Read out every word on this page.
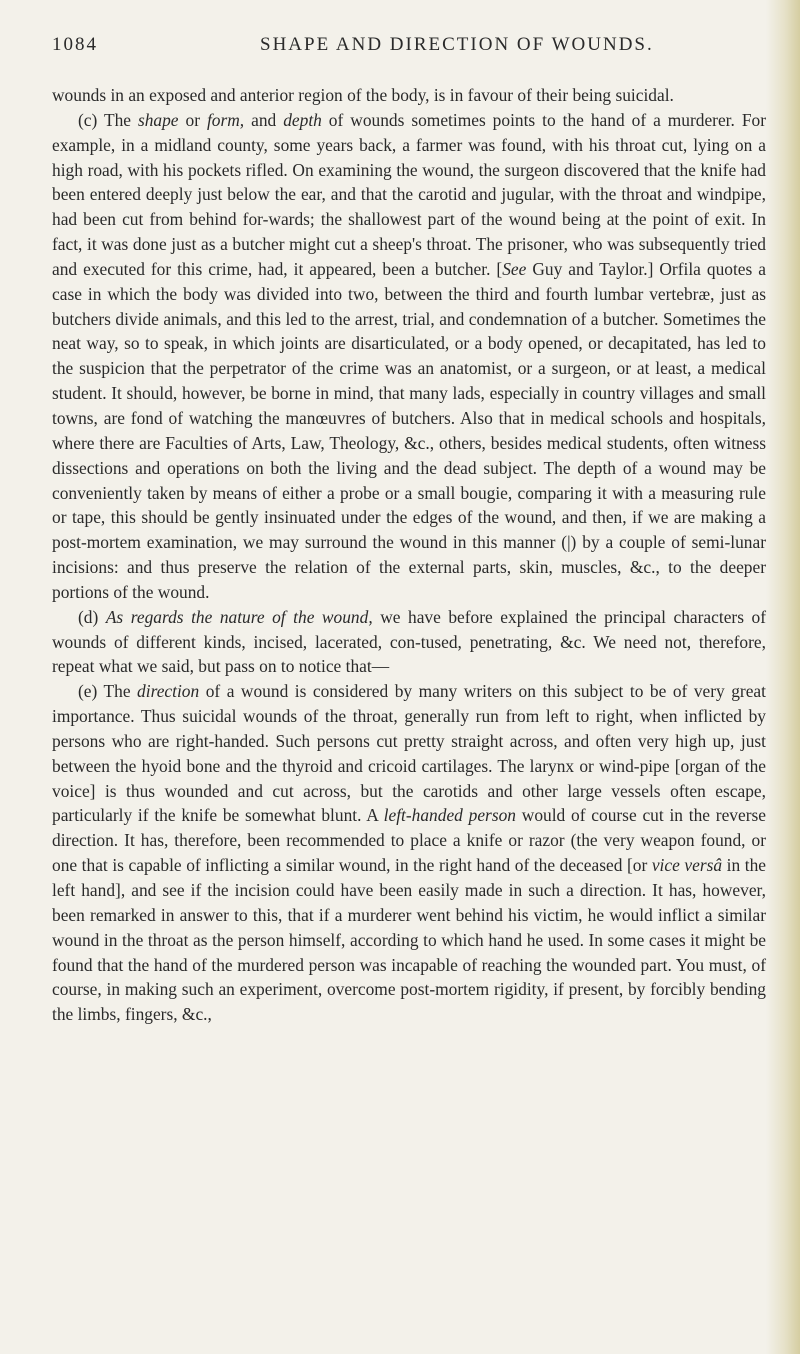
1084	SHAPE AND DIRECTION OF WOUNDS.

wounds in an exposed and anterior region of the body, is in favour of their being suicidal.

(c) The shape or form, and depth of wounds sometimes points to the hand of a murderer. For example, in a midland county, some years back, a farmer was found, with his throat cut, lying on a high road, with his pockets rifled. On examining the wound, the surgeon discovered that the knife had been entered deeply just below the ear, and that the carotid and jugular, with the throat and windpipe, had been cut from behind for-wards; the shallowest part of the wound being at the point of exit. In fact, it was done just as a butcher might cut a sheep's throat. The prisoner, who was subsequently tried and executed for this crime, had, it appeared, been a butcher. [See Guy and Taylor.] Orfila quotes a case in which the body was divided into two, between the third and fourth lumbar vertebræ, just as butchers divide animals, and this led to the arrest, trial, and condemnation of a butcher. Sometimes the neat way, so to speak, in which joints are disarticulated, or a body opened, or decapitated, has led to the suspicion that the perpetrator of the crime was an anatomist, or a surgeon, or at least, a medical student. It should, however, be borne in mind, that many lads, especially in country villages and small towns, are fond of watching the manœuvres of butchers. Also that in medical schools and hospitals, where there are Faculties of Arts, Law, Theology, &c., others, besides medical students, often witness dissections and operations on both the living and the dead subject. The depth of a wound may be conveniently taken by means of either a probe or a small bougie, comparing it with a measuring rule or tape, this should be gently insinuated under the edges of the wound, and then, if we are making a post-mortem examination, we may surround the wound in this manner (|) by a couple of semi-lunar incisions: and thus preserve the relation of the external parts, skin, muscles, &c., to the deeper portions of the wound.

(d) As regards the nature of the wound, we have before explained the principal characters of wounds of different kinds, incised, lacerated, con-tused, penetrating, &c. We need not, therefore, repeat what we said, but pass on to notice that—

(e) The direction of a wound is considered by many writers on this subject to be of very great importance. Thus suicidal wounds of the throat, generally run from left to right, when inflicted by persons who are right-handed. Such persons cut pretty straight across, and often very high up, just between the hyoid bone and the thyroid and cricoid cartilages. The larynx or wind-pipe [organ of the voice] is thus wounded and cut across, but the carotids and other large vessels often escape, particularly if the knife be somewhat blunt. A left-handed person would of course cut in the reverse direction. It has, therefore, been recommended to place a knife or razor (the very weapon found, or one that is capable of inflicting a similar wound, in the right hand of the deceased [or vice versâ in the left hand], and see if the incision could have been easily made in such a direction. It has, however, been remarked in answer to this, that if a murderer went behind his victim, he would inflict a similar wound in the throat as the person himself, according to which hand he used. In some cases it might be found that the hand of the murdered person was incapable of reaching the wounded part. You must, of course, in making such an experiment, overcome post-mortem rigidity, if present, by forcibly bending the limbs, fingers, &c.,
